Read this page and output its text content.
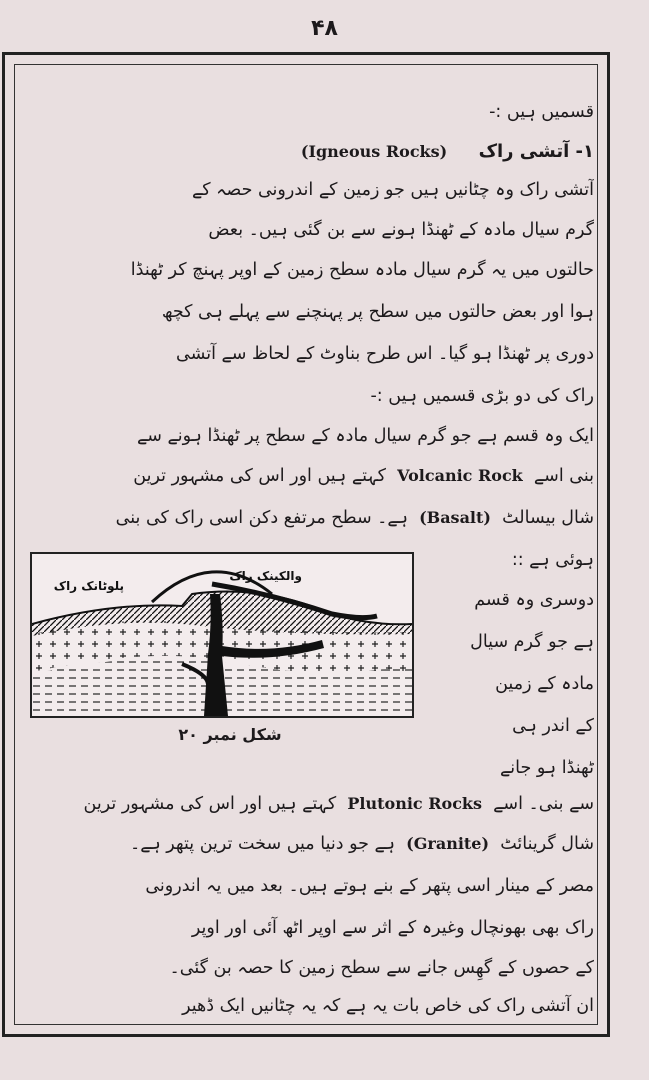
۴۸
قسمیں ہیں :-
۱- آتشی راک     (Igneous Rocks)
آتشی راک وہ چٹانیں ہیں جو زمین کے اندرونی حصہ کے
گرم سیال مادہ کے ٹھنڈا ہونے سے بن گئی ہیں۔ بعض
حالتوں میں یہ گرم سیال مادہ سطح زمین کے اوپر پہنچ کر ٹھنڈا
ہوا اور بعض حالتوں میں سطح پر پہنچنے سے پہلے ہی کچھ
دوری پر ٹھنڈا ہو گیا۔ اس طرح بناوٹ کے لحاظ سے آتشی
راک کی دو بڑی قسمیں ہیں :-
ایک وہ قسم ہے جو گرم سیال مادہ کے سطح پر ٹھنڈا ہونے سے
بنی اسے  Volcanic Rock  کہتے ہیں اور اس کی مشہور ترین
شال بیسالٹ  (Basalt)  ہے۔ سطح مرتفع دکن اسی راک کی بنی
ہوئی ہے ::
دوسری وہ قسم
ہے جو گرم سیال
مادہ کے زمین
کے اندر ہی
ٹھنڈا ہو جانے
سے بنی۔ اسے  Plutonic Rocks  کہتے ہیں اور اس کی مشہور ترین
شال گرینائٹ  (Granite)  ہے جو دنیا میں سخت ترین پتھر ہے۔
مصر کے مینار اسی پتھر کے بنے ہوتے ہیں۔ بعد میں یہ اندرونی
راک بھی بھونچال وغیرہ کے اثر سے اوپر اٹھ آئی اور اوپر
کے حصوں کے گھِس جانے سے سطح زمین کا حصہ بن گئی۔
ان آتشی راک کی خاص بات یہ ہے کہ یہ چٹانیں ایک ڈھیر
پلوٹانک راک
والکینک راک
شکل نمبر ۲۰
